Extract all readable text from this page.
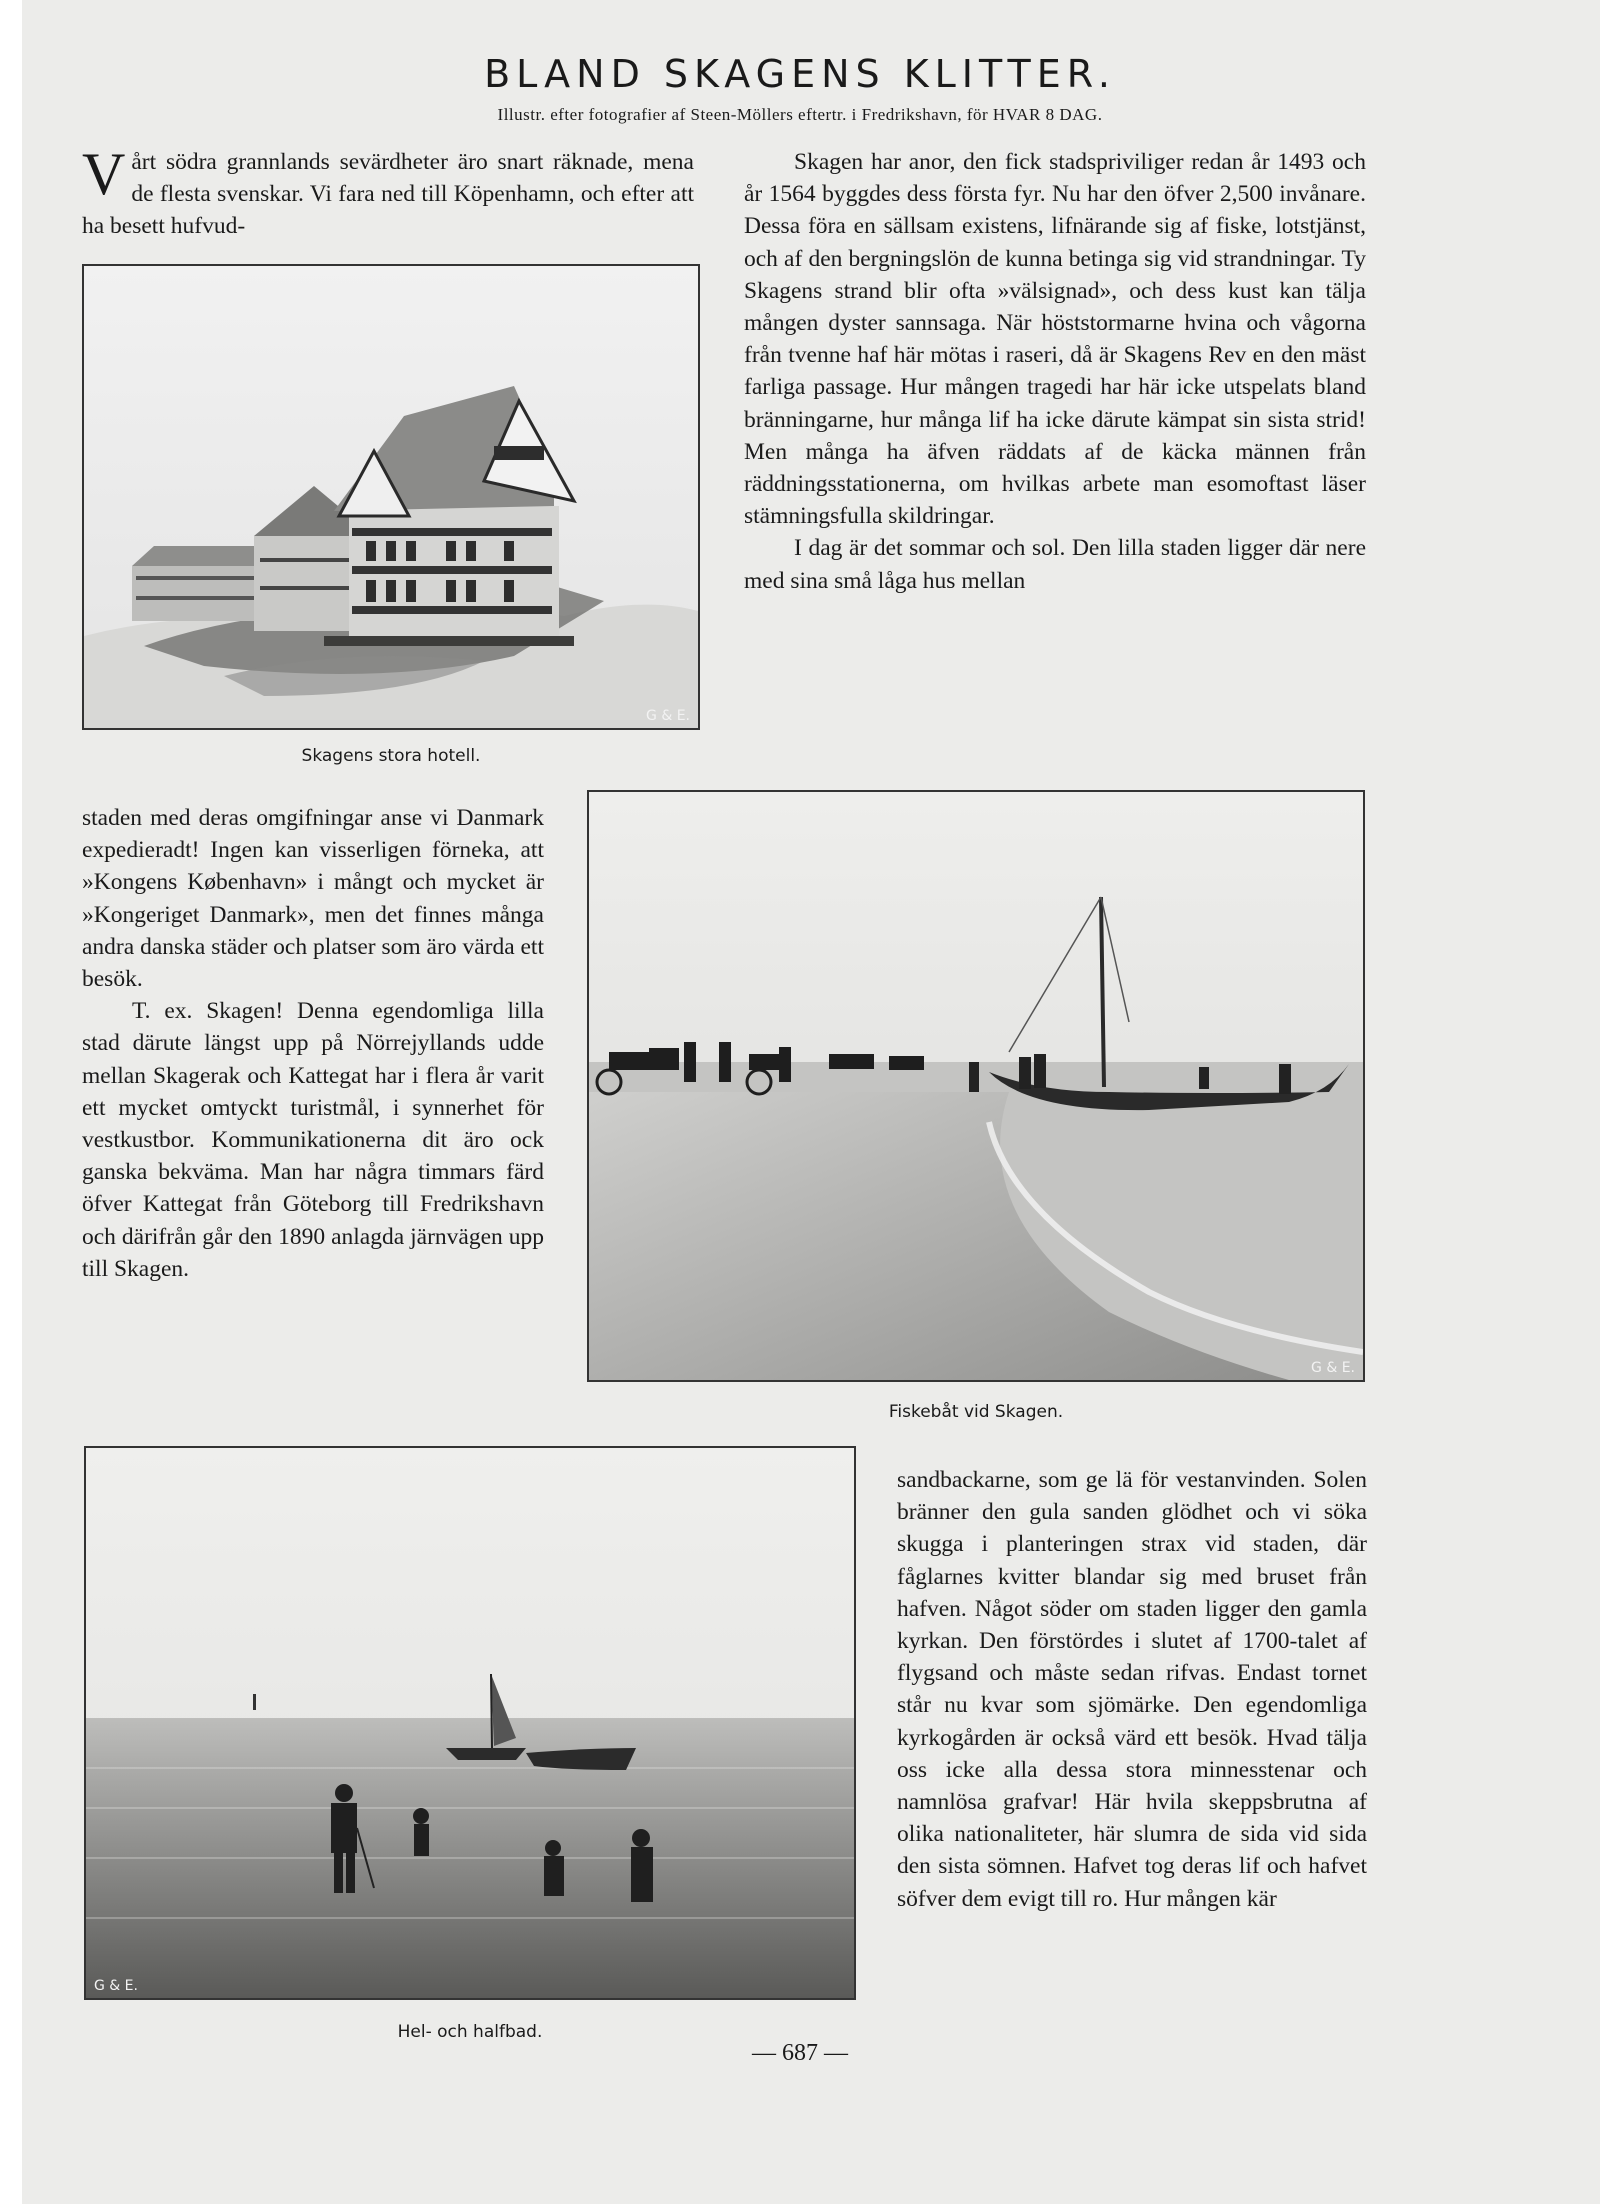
BLAND SKAGENS KLITTER.
Illustr. efter fotografier af Steen-Möllers eftertr. i Fredrikshavn, för HVAR 8 DAG.
Vårt södra grannlands sevärdheter äro snart räknade, mena de flesta svenskar. Vi fara ned till Köpenhamn, och efter att ha besett hufvud-
G & E.
Skagens stora hotell.

Skagen har anor, den fick stadspriviliger redan år 1493 och år 1564 byggdes dess första fyr. Nu har den öfver 2,500 invånare. Dessa föra en sällsam existens, lifnärande sig af fiske, lotstjänst, och af den bergningslön de kunna betinga sig vid strandningar. Ty Skagens strand blir ofta »välsignad», och dess kust kan tälja mången dyster sannsaga. När höststormarne hvina och vågorna från tvenne haf här mötas i raseri, då är Skagens Rev en den mäst farliga passage. Hur mången tragedi har här icke utspelats bland bränningarne, hur många lif ha icke därute kämpat sin sista strid! Men många ha äfven räddats af de käcka männen från räddningsstationerna, om hvilkas arbete man esomoftast läser stämningsfulla skildringar.

I dag är det sommar och sol. Den lilla staden ligger där nere med sina små låga hus mellan

staden med deras omgifningar anse vi Danmark expedieradt! Ingen kan visserligen förneka, att »Kongens København» i mångt och mycket är »Kongeriget Danmark», men det finnes många andra danska städer och platser som äro värda ett besök.

T. ex. Skagen! Denna egendomliga lilla stad därute längst upp på Nörrejyllands udde mellan Skagerak och Kattegat har i flera år varit ett mycket omtyckt turistmål, i synnerhet för vestkustbor. Kommunikationerna dit äro ock ganska bekväma. Man har några timmars färd öfver Kattegat från Göteborg till Fredrikshavn och därifrån går den 1890 anlagda järnvägen upp till Skagen.

G & E.
Fiskebåt vid Skagen.
G & E.
Hel- och halfbad.

sandbackarne, som ge lä för vestanvinden. Solen bränner den gula sanden glödhet och vi söka skugga i planteringen strax vid staden, där fåglarnes kvitter blandar sig med bruset från hafven. Något söder om staden ligger den gamla kyrkan. Den förstördes i slutet af 1700-talet af flygsand och måste sedan rifvas. Endast tornet står nu kvar som sjömärke. Den egendomliga kyrkogården är också värd ett besök. Hvad tälja oss icke alla dessa stora minnesstenar och namnlösa grafvar! Här hvila skeppsbrutna af olika nationaliteter, här slumra de sida vid sida den sista sömnen. Hafvet tog deras lif och hafvet söfver dem evigt till ro. Hur mången kär

— 687 —
